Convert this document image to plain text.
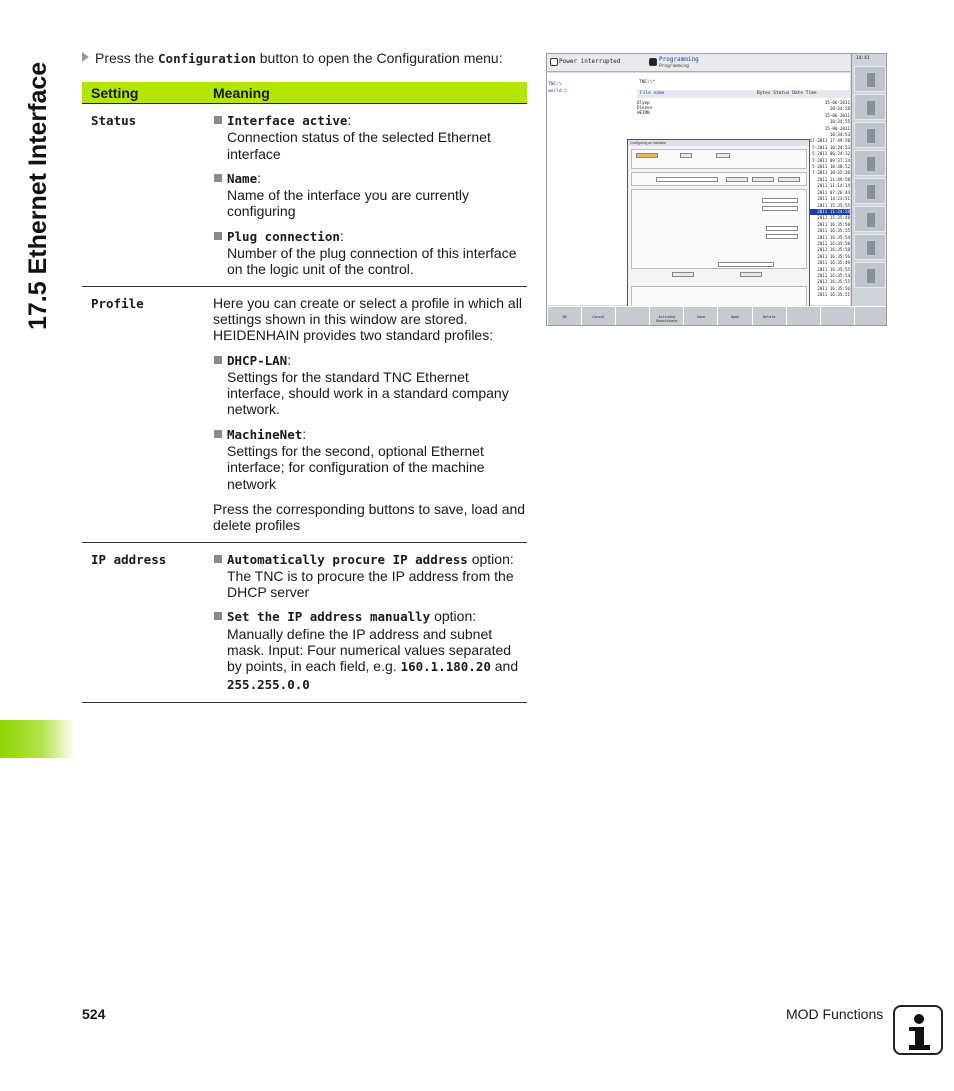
17.5 Ethernet Interface
Press the Configuration button to open the Configuration menu:
Setting	Meaning
Status	Interface active:
Connection status of the selected Ethernet interface
Name:
Name of the interface you are currently configuring
Plug connection:
Number of the plug connection of this interface on the logic unit of the control.
Profile	Here you can create or select a profile in which all settings shown in this window are stored. HEIDENHAIN provides two standard profiles:
DHCP-LAN:
Settings for the standard TNC Ethernet interface, should work in a standard company network.
MachineNet:
Settings for the second, optional Ethernet interface; for configuration of the machine network
Press the corresponding buttons to save, load and delete profiles
IP address	Automatically procure IP address option:
The TNC is to procure the IP address from the DHCP server
Set the IP address manually option:
Manually define the IP address and subnet mask. Input: Four numerical values separated by points, in each field, e.g. 160.1.180.20 and 255.255.0.0
Power interrupted	Programming
Programming
TNC:\
world:\
TNC:\*
File name	Bytes Status Date Time
Olymp
Dienen
HEIMB
15-06-2011 10:34:58
15-06-2011 10:34:55
15-06-2011 10:34:53
17-2011 17:49:50
5-2011 10:34:53
5-2011 06:24:32
7-2011 09:37:24
5-2011 10:48:52
7-2011 10:35:30
2011 11:49:58
2011 11:14:14
2011 07:26:44
2011 14:23:51
2011 15:35:55
2011 11:24:58
2011 15:35:48
2011 16:35:50
2011 16:35:55
2011 16:35:54
2011 16:35:50
2011 16:35:50
2011 16:35:56
2011 16:35:49
2011 16:35:55
2011 16:35:54
2011 16:35:55
2011 16:35:56
2011 16:35:51
Configuring an interface
OK	Cancel	Activate Deactivate
Save	Open	Delete
14:41
524	MOD Functions
